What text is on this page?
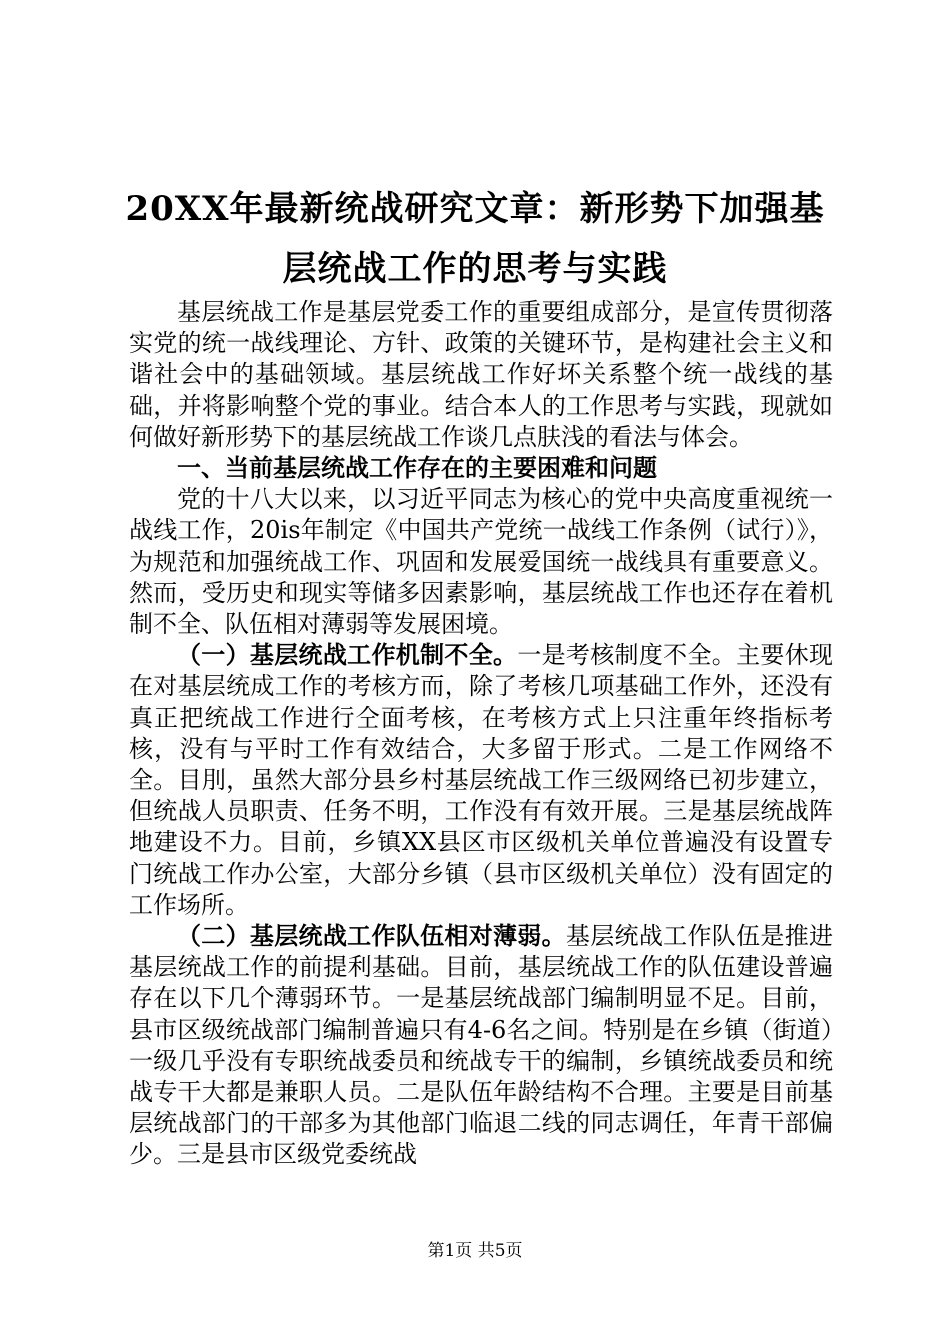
20XX年最新统战研究文章：新形势下加强基
层统战工作的思考与实践

基层统战工作是基层党委工作的重要组成部分，是宣传贯彻落实党的统一战线理论、方针、政策的关键环节，是构建社会主义和谐社会中的基础领域。基层统战工作好坏关系整个统一战线的基础，并将影响整个党的事业。结合本人的工作思考与实践，现就如何做好新形势下的基层统战工作谈几点肤浅的看法与体会。

一、当前基层统战工作存在的主要困难和问题

党的十八大以来，以习近平同志为核心的党中央高度重视统一战线工作，20is年制定《中国共产党统一战线工作条例（试行）》，为规范和加强统战工作、巩固和发展爱国统一战线具有重要意义。然而，受历史和现实等储多因素影响，基层统战工作也还存在着机制不全、队伍相对薄弱等发展困境。

（一）基层统战工作机制不全。一是考核制度不全。主要休现在对基层统成工作的考核方而，除了考核几项基础工作外，还没有真正把统战工作进行仝面考核，在考核方式上只注重年终指标考核，没有与平时工作有效结合，大多留于形式。二是工作网络不全。目刖，虽然大部分县乡村基层统战工作三级网络已初步建立，但统战人员职责、任务不明，工作没有有效开展。三是基层统战阵地建设不力。目前，乡镇XX县区市区级机关单位普遍没有设置专门统战工作办公室，大部分乡镇（县市区级机关单位）没有固定的工作场所。

（二）基层统战工作队伍相对薄弱。基层统战工作队伍是推进基层统战工作的前提利基础。目前，基层统战工作的队伍建设普遍存在以下几个薄弱环节。一是基层统战部门编制明显不足。目前，县市区级统战部门编制普遍只有4-6名之间。特别是在乡镇（街道）一级几乎没有专职统战委员和统战专干的编制，乡镇统战委员和统战专干大都是兼职人员。二是队伍年龄结构不合理。主要是目前基层统战部门的干部多为其他部门临退二线的同志调任，年青干部偏少。三是县市区级党委统战

第1页 共5页
